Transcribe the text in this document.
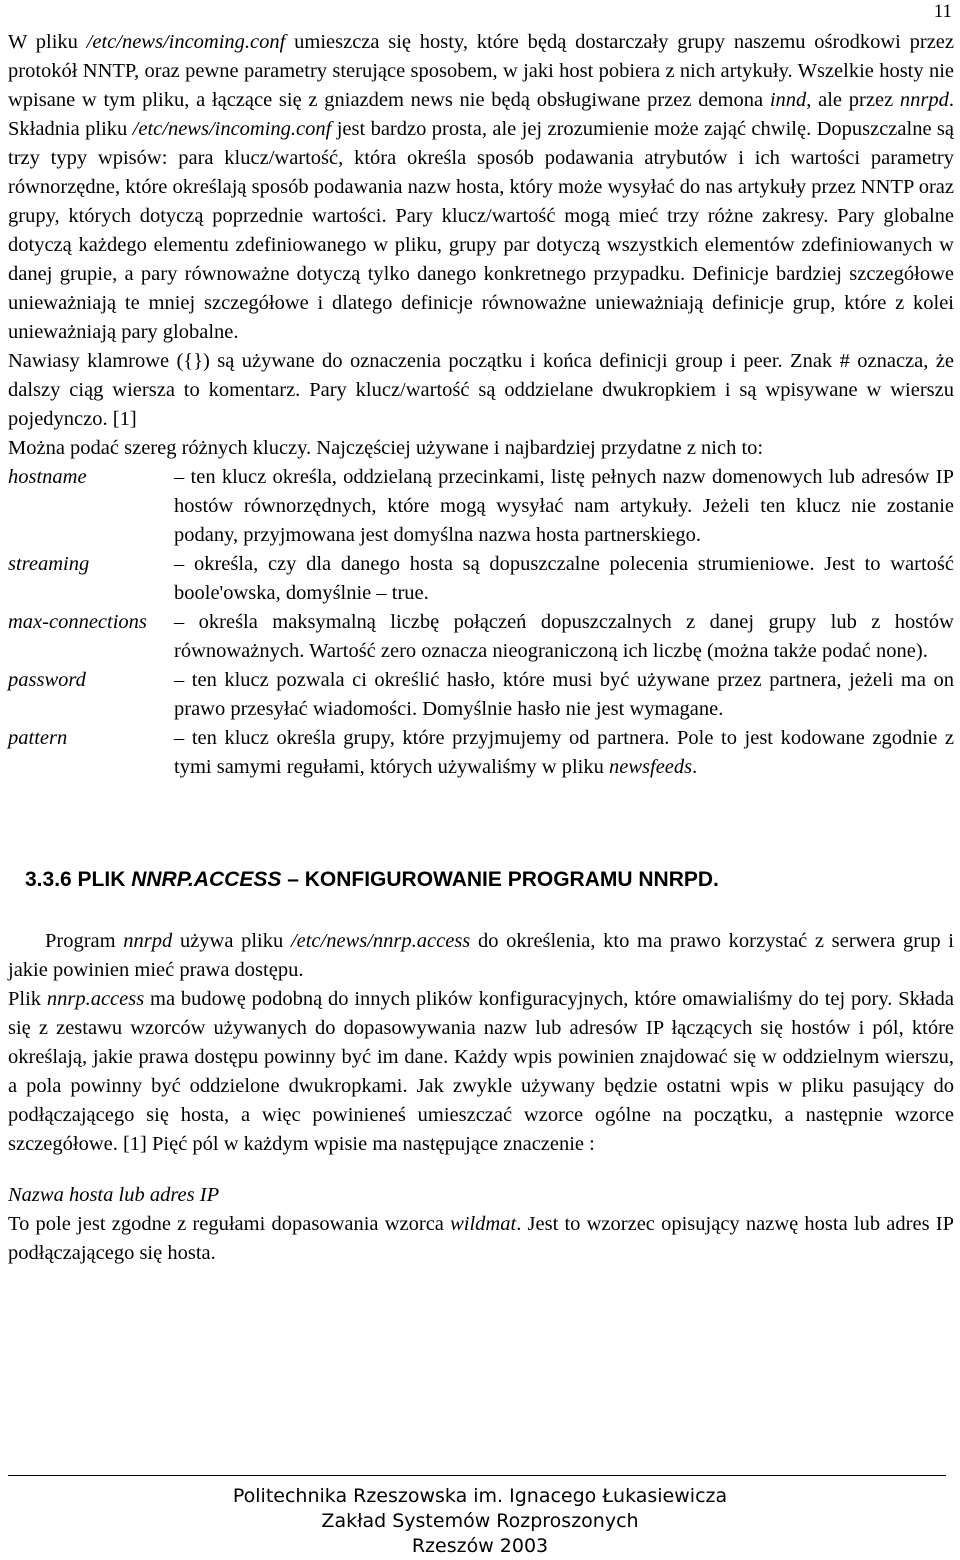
11

W pliku /etc/news/incoming.conf umieszcza się hosty, które będą dostarczały grupy naszemu ośrodkowi przez protokół NNTP, oraz pewne parametry sterujące sposobem, w jaki host pobiera z nich artykuły. Wszelkie hosty nie wpisane w tym pliku, a łączące się z gniazdem news nie będą obsługiwane przez demona innd, ale przez nnrpd. Składnia pliku /etc/news/incoming.conf jest bardzo prosta, ale jej zrozumienie może zająć chwilę. Dopuszczalne są trzy typy wpisów: para klucz/wartość, która określa sposób podawania atrybutów i ich wartości parametry równorzędne, które określają sposób podawania nazw hosta, który może wysyłać do nas artykuły przez NNTP oraz grupy, których dotyczą poprzednie wartości. Pary klucz/wartość mogą mieć trzy różne zakresy. Pary globalne dotyczą każdego elementu zdefiniowanego w pliku, grupy par dotyczą wszystkich elementów zdefiniowanych w danej grupie, a pary równoważne dotyczą tylko danego konkretnego przypadku. Definicje bardziej szczegółowe unieważniają te mniej szczegółowe i dlatego definicje równoważne unieważniają definicje grup, które z kolei unieważniają pary globalne.

Nawiasy klamrowe ({}) są używane do oznaczenia początku i końca definicji group i peer. Znak # oznacza, że dalszy ciąg wiersza to komentarz. Pary klucz/wartość są oddzielane dwukropkiem i są wpisywane w wierszu pojedynczo. [1]

Można podać szereg różnych kluczy. Najczęściej używane i najbardziej przydatne z nich to:

hostname	– ten klucz określa, oddzielaną przecinkami, listę pełnych nazw domenowych lub adresów IP hostów równorzędnych, które mogą wysyłać nam artykuły. Jeżeli ten klucz nie zostanie podany, przyjmowana jest domyślna nazwa hosta partnerskiego.
streaming	– określa, czy dla danego hosta są dopuszczalne polecenia strumieniowe. Jest to wartość boole'owska, domyślnie – true.
max-connections	– określa maksymalną liczbę połączeń dopuszczalnych z danej grupy lub z hostów równoważnych. Wartość zero oznacza nieograniczoną ich liczbę (można także podać none).
password	– ten klucz pozwala ci określić hasło, które musi być używane przez partnera, jeżeli ma on prawo przesyłać wiadomości. Domyślnie hasło nie jest wymagane.
pattern	– ten klucz określa grupy, które przyjmujemy od partnera. Pole to jest kodowane zgodnie z tymi samymi regułami, których używaliśmy w pliku newsfeeds.
3.3.6 PLIK NNRP.ACCESS – KONFIGUROWANIE PROGRAMU NNRPD.

Program nnrpd używa pliku /etc/news/nnrp.access do określenia, kto ma prawo korzystać z serwera grup i jakie powinien mieć prawa dostępu.

Plik nnrp.access ma budowę podobną do innych plików konfiguracyjnych, które omawialiśmy do tej pory. Składa się z zestawu wzorców używanych do dopasowywania nazw lub adresów IP łączących się hostów i pól, które określają, jakie prawa dostępu powinny być im dane. Każdy wpis powinien znajdować się w oddzielnym wierszu, a pola powinny być oddzielone dwukropkami. Jak zwykle używany będzie ostatni wpis w pliku pasujący do podłączającego się hosta, a więc powinieneś umieszczać wzorce ogólne na początku, a następnie wzorce szczegółowe. [1] Pięć pól w każdym wpisie ma następujące znaczenie :

Nazwa hosta lub adres IP

To pole jest zgodne z regułami dopasowania wzorca wildmat. Jest to wzorzec opisujący nazwę hosta lub adres IP podłączającego się hosta.

Politechnika Rzeszowska im. Ignacego Łukasiewicza
Zakład Systemów Rozproszonych
Rzeszów 2003
